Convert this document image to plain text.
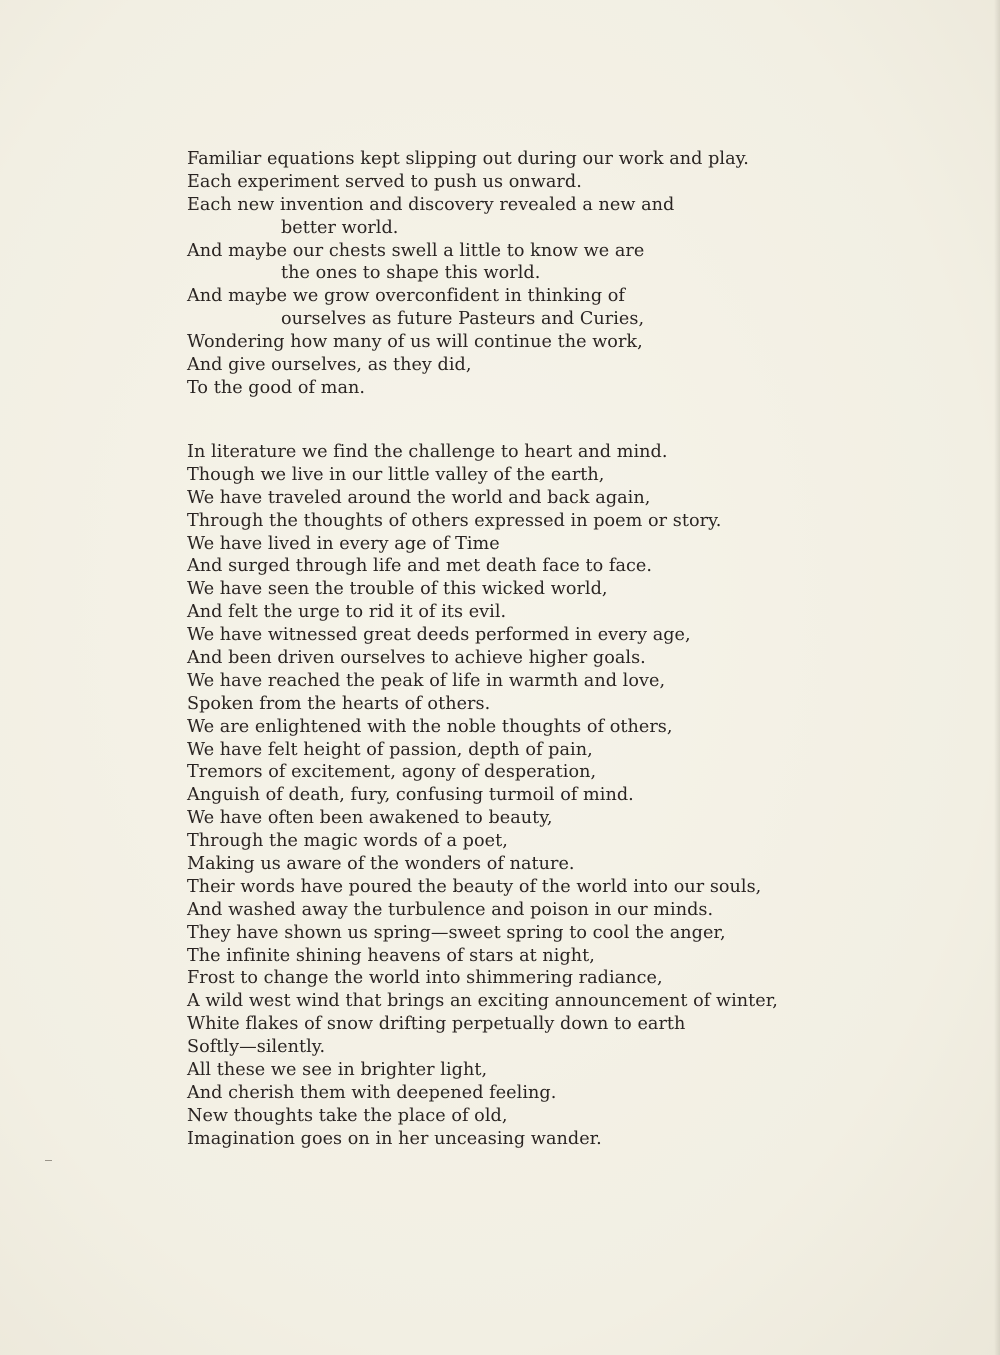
Familiar equations kept slipping out during our work and play.
Each experiment served to push us onward.
Each new invention and discovery revealed a new and
better world.
And maybe our chests swell a little to know we are
the ones to shape this world.
And maybe we grow overconfident in thinking of
ourselves as future Pasteurs and Curies,
Wondering how many of us will continue the work,
And give ourselves, as they did,
To the good of man.
In literature we find the challenge to heart and mind.
Though we live in our little valley of the earth,
We have traveled around the world and back again,
Through the thoughts of others expressed in poem or story.
We have lived in every age of Time
And surged through life and met death face to face.
We have seen the trouble of this wicked world,
And felt the urge to rid it of its evil.
We have witnessed great deeds performed in every age,
And been driven ourselves to achieve higher goals.
We have reached the peak of life in warmth and love,
Spoken from the hearts of others.
We are enlightened with the noble thoughts of others,
We have felt height of passion, depth of pain,
Tremors of excitement, agony of desperation,
Anguish of death, fury, confusing turmoil of mind.
We have often been awakened to beauty,
Through the magic words of a poet,
Making us aware of the wonders of nature.
Their words have poured the beauty of the world into our souls,
And washed away the turbulence and poison in our minds.
They have shown us spring—sweet spring to cool the anger,
The infinite shining heavens of stars at night,
Frost to change the world into shimmering radiance,
A wild west wind that brings an exciting announcement of winter,
White flakes of snow drifting perpetually down to earth
Softly—silently.
All these we see in brighter light,
And cherish them with deepened feeling.
New thoughts take the place of old,
Imagination goes on in her unceasing wander.
